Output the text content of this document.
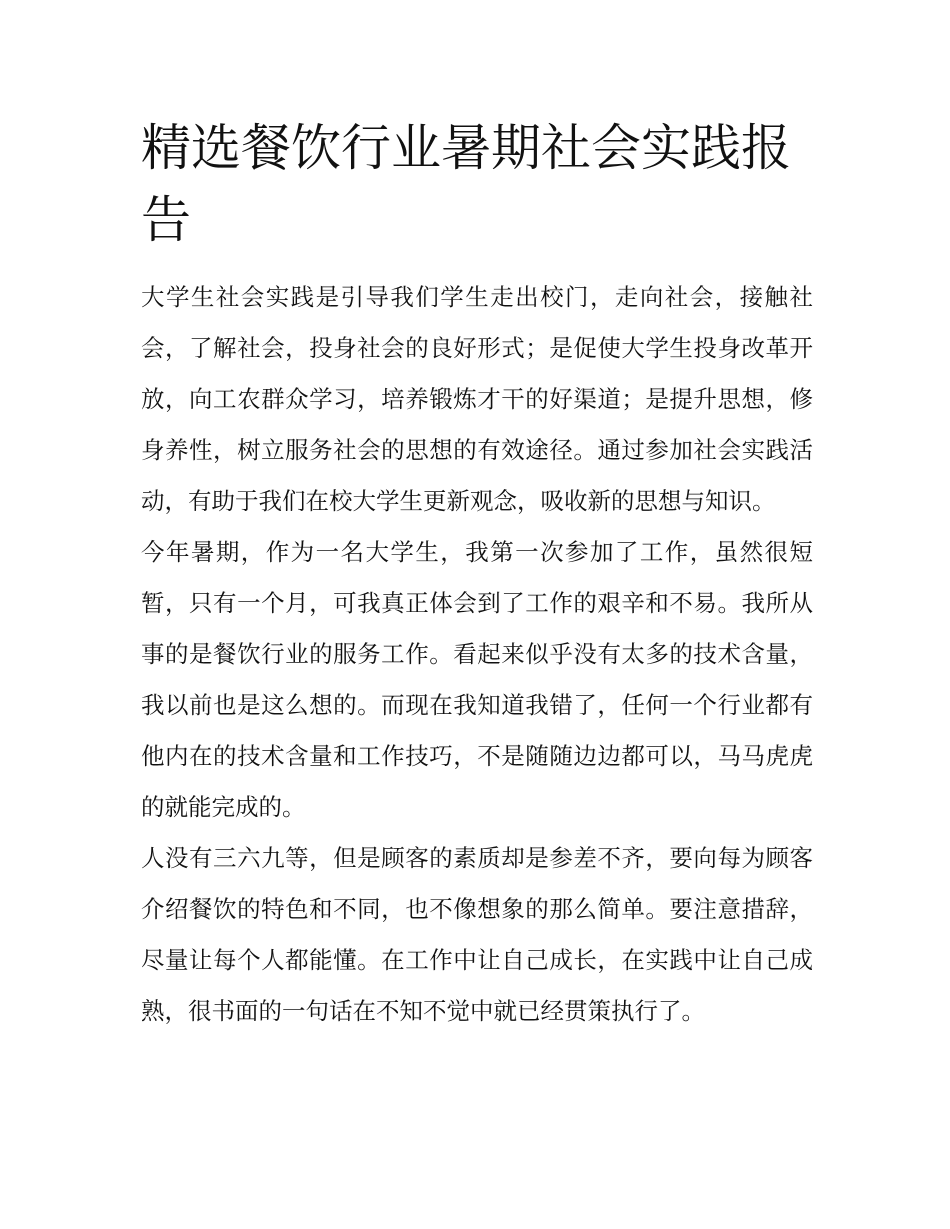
精选餐饮行业暑期社会实践报告

大学生社会实践是引导我们学生走出校门，走向社会，接触社会，了解社会，投身社会的良好形式；是促使大学生投身改革开放，向工农群众学习，培养锻炼才干的好渠道；是提升思想，修身养性，树立服务社会的思想的有效途径。通过参加社会实践活动，有助于我们在校大学生更新观念，吸收新的思想与知识。

今年暑期，作为一名大学生，我第一次参加了工作，虽然很短暂，只有一个月，可我真正体会到了工作的艰辛和不易。我所从事的是餐饮行业的服务工作。看起来似乎没有太多的技术含量，我以前也是这么想的。而现在我知道我错了，任何一个行业都有他内在的技术含量和工作技巧，不是随随边边都可以，马马虎虎的就能完成的。

人没有三六九等，但是顾客的素质却是参差不齐，要向每为顾客介绍餐饮的特色和不同，也不像想象的那么简单。要注意措辞，尽量让每个人都能懂。在工作中让自己成长，在实践中让自己成熟，很书面的一句话在不知不觉中就已经贯策执行了。
